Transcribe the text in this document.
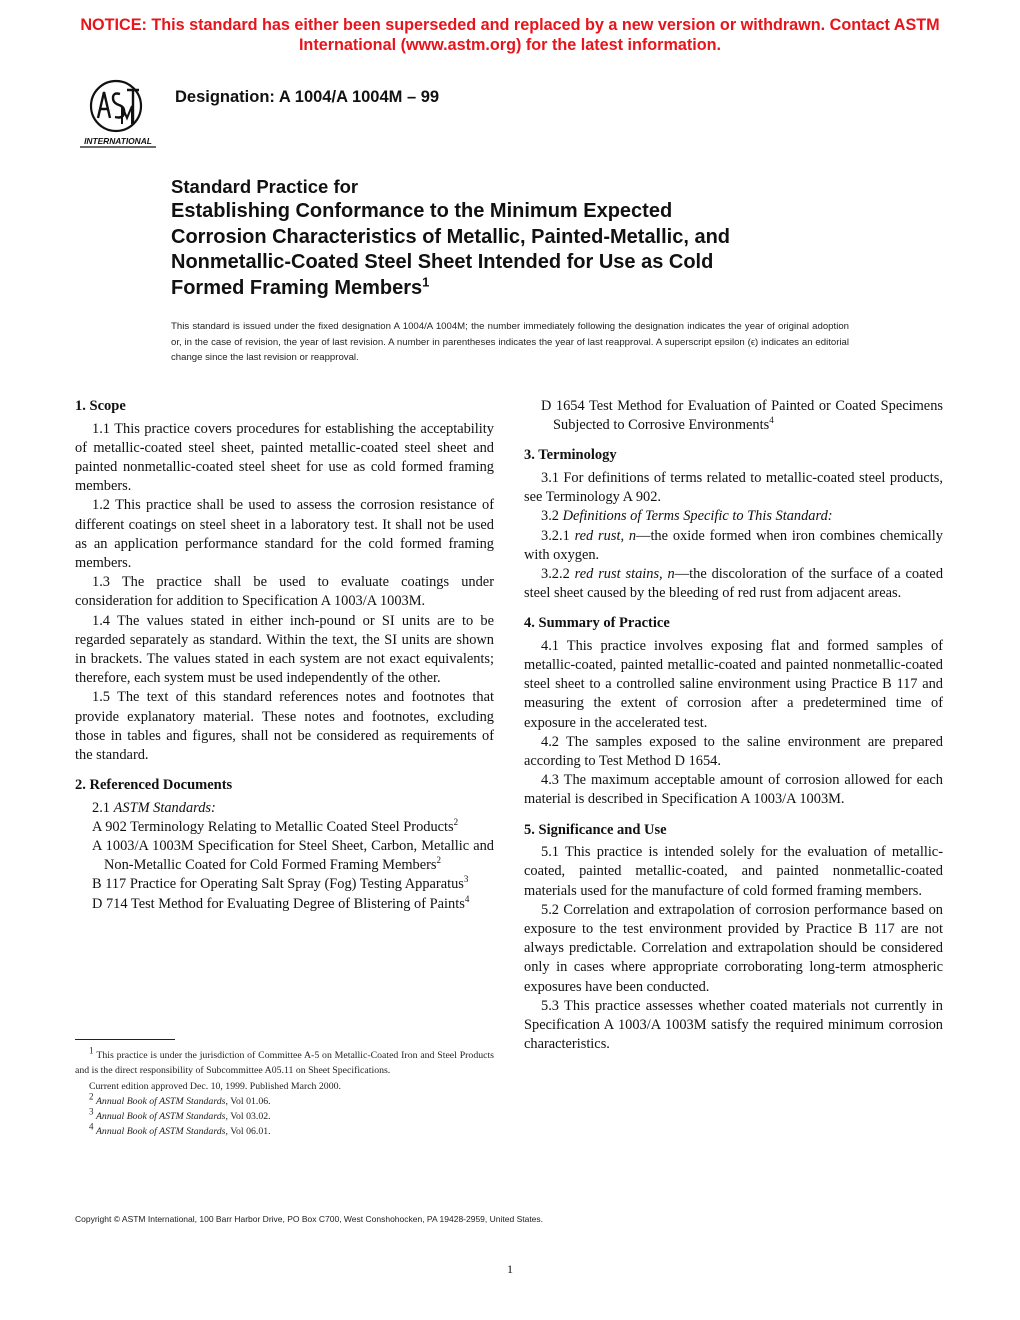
NOTICE: This standard has either been superseded and replaced by a new version or withdrawn. Contact ASTM
International (www.astm.org) for the latest information.
INTERNATIONAL
Designation: A 1004/A 1004M – 99
Standard Practice for
Establishing Conformance to the Minimum Expected
Corrosion Characteristics of Metallic, Painted-Metallic, and
Nonmetallic-Coated Steel Sheet Intended for Use as Cold
Formed Framing Members$^1$
This standard is issued under the fixed designation A 1004/A 1004M; the number immediately following the designation indicates the year of original adoption or, in the case of revision, the year of last revision. A number in parentheses indicates the year of last reapproval. A superscript epsilon (ϵ) indicates an editorial change since the last revision or reapproval.
1. Scope

1.1 This practice covers procedures for establishing the acceptability of metallic-coated steel sheet, painted metallic-coated steel sheet and painted nonmetallic-coated steel sheet for use as cold formed framing members.

1.2 This practice shall be used to assess the corrosion resistance of different coatings on steel sheet in a laboratory test. It shall not be used as an application performance standard for the cold formed framing members.

1.3 The practice shall be used to evaluate coatings under consideration for addition to Specification A 1003/A 1003M.

1.4 The values stated in either inch-pound or SI units are to be regarded separately as standard. Within the text, the SI units are shown in brackets. The values stated in each system are not exact equivalents; therefore, each system must be used independently of the other.

1.5 The text of this standard references notes and footnotes that provide explanatory material. These notes and footnotes, excluding those in tables and figures, shall not be considered as requirements of the standard.

2. Referenced Documents

2.1 ASTM Standards:

A 902 Terminology Relating to Metallic Coated Steel Products$^2$

A 1003/A 1003M Specification for Steel Sheet, Carbon, Metallic and Non-Metallic Coated for Cold Formed Framing Members$^2$

B 117 Practice for Operating Salt Spray (Fog) Testing Apparatus$^3$

D 714 Test Method for Evaluating Degree of Blistering of Paints$^4$

D 1654 Test Method for Evaluation of Painted or Coated Specimens Subjected to Corrosive Environments$^4$

3. Terminology

3.1 For definitions of terms related to metallic-coated steel products, see Terminology A 902.

3.2 Definitions of Terms Specific to This Standard:

3.2.1 red rust, n—the oxide formed when iron combines chemically with oxygen.

3.2.2 red rust stains, n—the discoloration of the surface of a coated steel sheet caused by the bleeding of red rust from adjacent areas.

4. Summary of Practice

4.1 This practice involves exposing flat and formed samples of metallic-coated, painted metallic-coated and painted nonmetallic-coated steel sheet to a controlled saline environment using Practice B 117 and measuring the extent of corrosion after a predetermined time of exposure in the accelerated test.

4.2 The samples exposed to the saline environment are prepared according to Test Method D 1654.

4.3 The maximum acceptable amount of corrosion allowed for each material is described in Specification A 1003/A 1003M.

5. Significance and Use

5.1 This practice is intended solely for the evaluation of metallic-coated, painted metallic-coated, and painted nonmetallic-coated materials used for the manufacture of cold formed framing members.

5.2 Correlation and extrapolation of corrosion performance based on exposure to the test environment provided by Practice B 117 are not always predictable. Correlation and extrapolation should be considered only in cases where appropriate corroborating long-term atmospheric exposures have been conducted.

5.3 This practice assesses whether coated materials not currently in Specification A 1003/A 1003M satisfy the required minimum corrosion characteristics.

$^1$ This practice is under the jurisdiction of Committee A-5 on Metallic-Coated Iron and Steel Products and is the direct responsibility of Subcommittee A05.11 on Sheet Specifications.

Current edition approved Dec. 10, 1999. Published March 2000.

$^2$ Annual Book of ASTM Standards, Vol 01.06.

$^3$ Annual Book of ASTM Standards, Vol 03.02.

$^4$ Annual Book of ASTM Standards, Vol 06.01.

Copyright © ASTM International, 100 Barr Harbor Drive, PO Box C700, West Conshohocken, PA 19428-2959, United States.
1
